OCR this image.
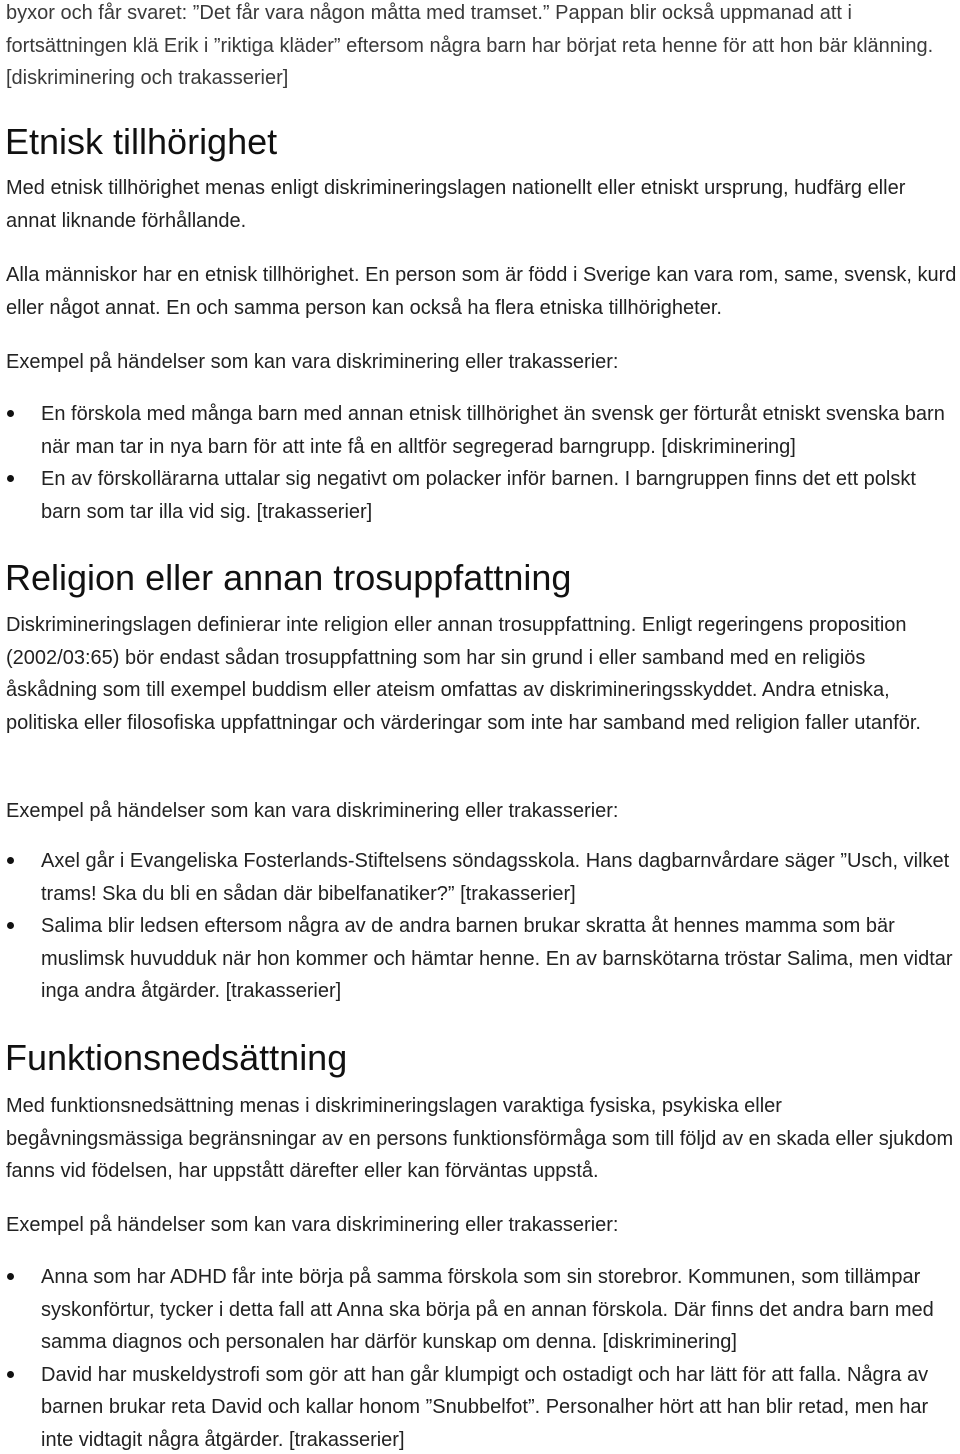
byxor och får svaret: ”Det får vara någon måtta med tramset.” Pappan blir också uppmanad att i fortsättningen klä Erik i ”riktiga kläder” eftersom några barn har börjat reta henne för att hon bär klänning. [diskriminering och trakasserier]

Etnisk tillhörighet

Med etnisk tillhörighet menas enligt diskrimineringslagen nationellt eller etniskt ursprung, hudfärg eller annat liknande förhållande.

Alla människor har en etnisk tillhörighet. En person som är född i Sverige kan vara rom, same, svensk, kurd eller något annat. En och samma person kan också ha flera etniska tillhörigheter.

Exempel på händelser som kan vara diskriminering eller trakasserier:

En förskola med många barn med annan etnisk tillhörighet än svensk ger förturåt etniskt svenska barn när man tar in nya barn för att inte få en alltför segregerad barngrupp. [diskriminering]
En av förskollärarna uttalar sig negativt om polacker inför barnen. I barngruppen finns det ett polskt barn som tar illa vid sig. [trakasserier]
Religion eller annan trosuppfattning

Diskrimineringslagen definierar inte religion eller annan trosuppfattning. Enligt regeringens proposition (2002/03:65) bör endast sådan trosuppfattning som har sin grund i eller samband med en religiös åskådning som till exempel buddism eller ateism omfattas av diskrimineringsskyddet. Andra etniska, politiska eller filosofiska uppfattningar och värderingar som inte har samband med religion faller utanför.

Exempel på händelser som kan vara diskriminering eller trakasserier:

Axel går i Evangeliska Fosterlands-Stiftelsens söndagsskola. Hans dagbarnvårdare säger ”Usch, vilket trams! Ska du bli en sådan där bibelfanatiker?” [trakasserier]
Salima blir ledsen eftersom några av de andra barnen brukar skratta åt hennes mamma som bär muslimsk huvudduk när hon kommer och hämtar henne. En av barnskötarna tröstar Salima, men vidtar inga andra åtgärder. [trakasserier]
Funktionsnedsättning

Med funktionsnedsättning menas i diskrimineringslagen varaktiga fysiska, psykiska eller begåvningsmässiga begränsningar av en persons funktionsförmåga som till följd av en skada eller sjukdom fanns vid födelsen, har uppstått därefter eller kan förväntas uppstå.

Exempel på händelser som kan vara diskriminering eller trakasserier:

Anna som har ADHD får inte börja på samma förskola som sin storebror. Kommunen, som tillämpar syskonförtur, tycker i detta fall att Anna ska börja på en annan förskola. Där finns det andra barn med samma diagnos och personalen har därför kunskap om denna. [diskriminering]
David har muskeldystrofi som gör att han går klumpigt och ostadigt och har lätt för att falla. Några av barnen brukar reta David och kallar honom ”Snubbelfot”. Personalher hört att han blir retad, men har inte vidtagit några åtgärder. [trakasserier]
